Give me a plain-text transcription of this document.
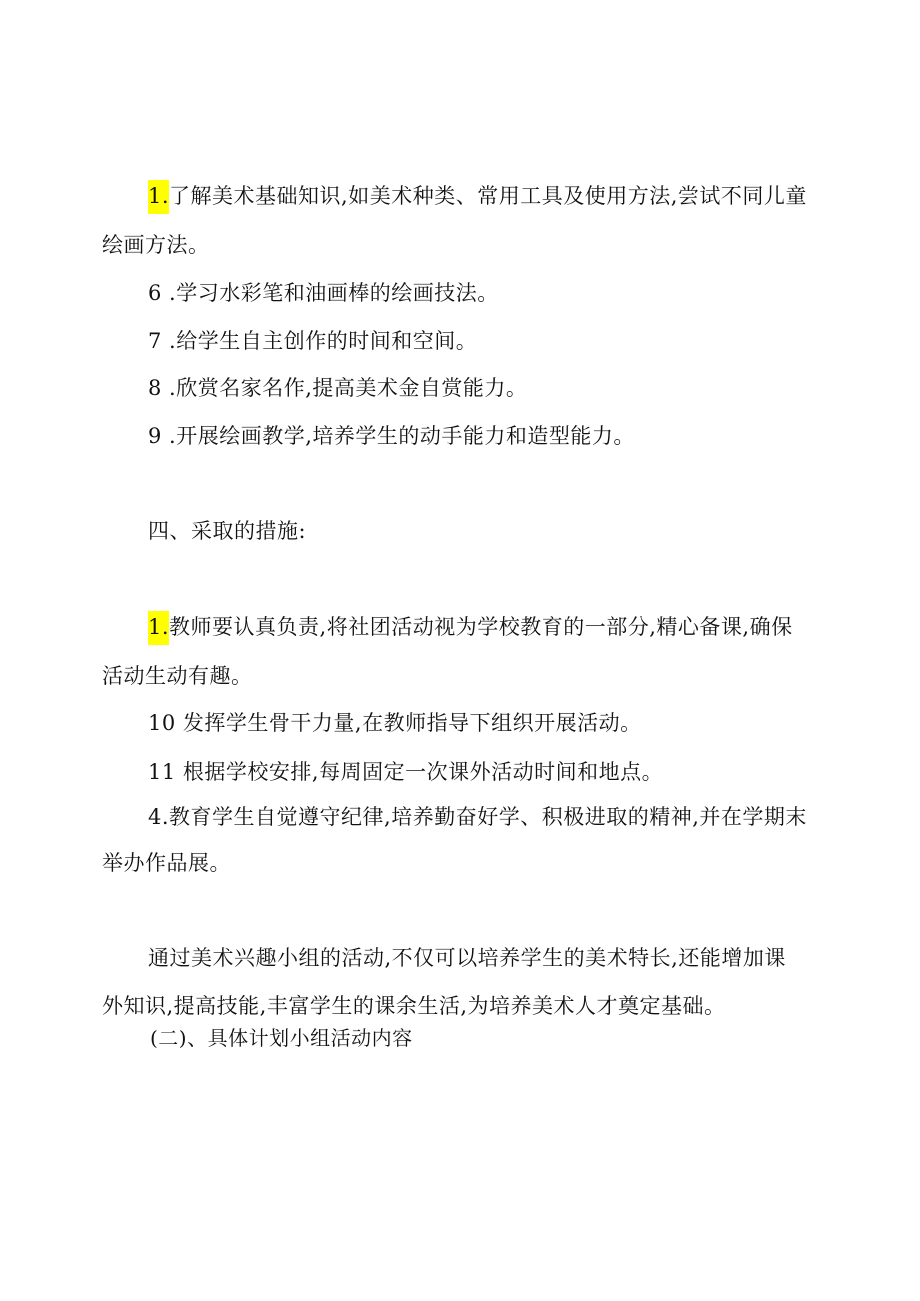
1.了解美术基础知识,如美术种类、常用工具及使用方法,尝试不同儿童
绘画方法。
6 .学习水彩笔和油画棒的绘画技法。
7 .给学生自主创作的时间和空间。
8 .欣赏名家名作,提高美术金自赏能力。
9 .开展绘画教学,培养学生的动手能力和造型能力。
四、采取的措施:
1.教师要认真负责,将社团活动视为学校教育的一部分,精心备课,确保
活动生动有趣。
10 发挥学生骨干力量,在教师指导下组织开展活动。
11 根据学校安排,每周固定一次课外活动时间和地点。
4.教育学生自觉遵守纪律,培养勤奋好学、积极进取的精神,并在学期末
举办作品展。
通过美术兴趣小组的活动,不仅可以培养学生的美术特长,还能增加课
外知识,提高技能,丰富学生的课余生活,为培养美术人才奠定基础。
(二)、具体计划小组活动内容
